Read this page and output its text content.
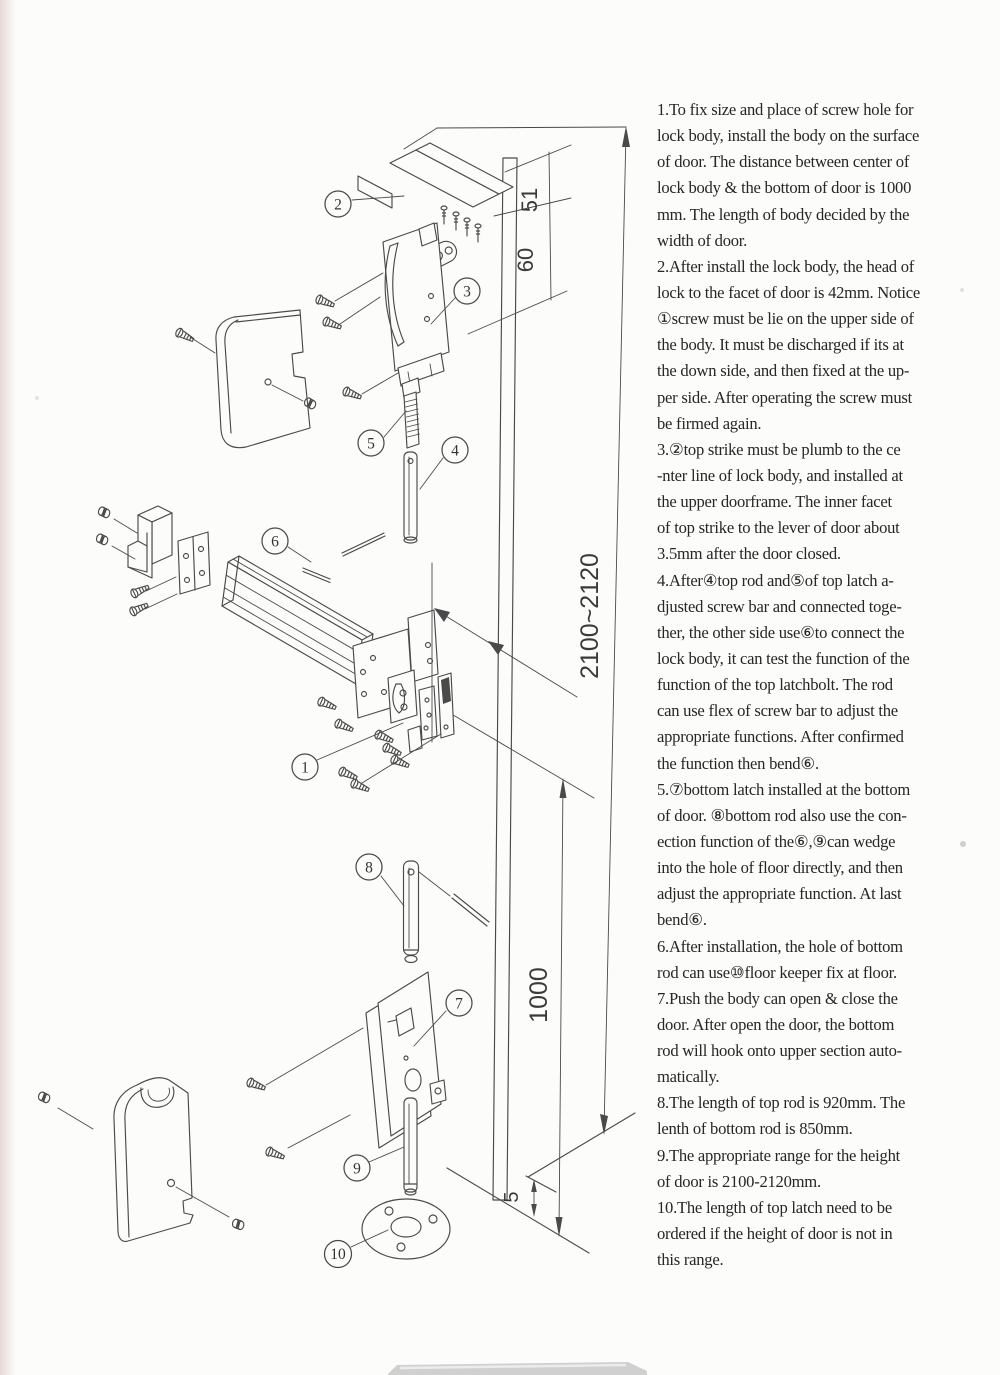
2100~2120
51
60
1000
5
2
3
5	4
6
1
8
7
9
10
1.To fix size and place of screw hole for
lock body, install the body on the surface
of door. The distance between center of
lock body & the bottom of door is 1000
mm. The length of body decided by the
width of door.
2.After install the lock body, the head of
lock to the facet of door is 42mm. Notice
①screw must be lie on the upper side of
the body. It must be discharged if its at
the down side, and then fixed at the up-
per side. After operating the screw must
be firmed again.
3.②top strike must be plumb to the ce
-nter line of lock body, and installed at
the upper doorframe. The inner facet
of top strike to the lever of door about
3.5mm after the door closed.
4.After④top rod and⑤of top latch a-
djusted screw bar and connected toge-
ther, the other side use⑥to connect the
lock body, it can test the function of the
function of the top latchbolt. The rod
can use flex of screw bar to adjust the
appropriate functions. After confirmed
the function then bend⑥.
5.⑦bottom latch installed at the bottom
of door. ⑧bottom rod also use the con-
ection function of the⑥,⑨can wedge
into the hole of floor directly, and then
adjust the appropriate function. At last
bend⑥.
6.After installation, the hole of bottom
rod can use⑩floor keeper fix at floor.
7.Push the body can open & close the
door. After open the door, the bottom
rod will hook onto upper section auto-
matically.
8.The length of top rod is 920mm. The
lenth of bottom rod is 850mm.
9.The appropriate range for the height
of door is 2100-2120mm.
10.The length of top latch need to be
ordered if the height of door is not in
this range.
